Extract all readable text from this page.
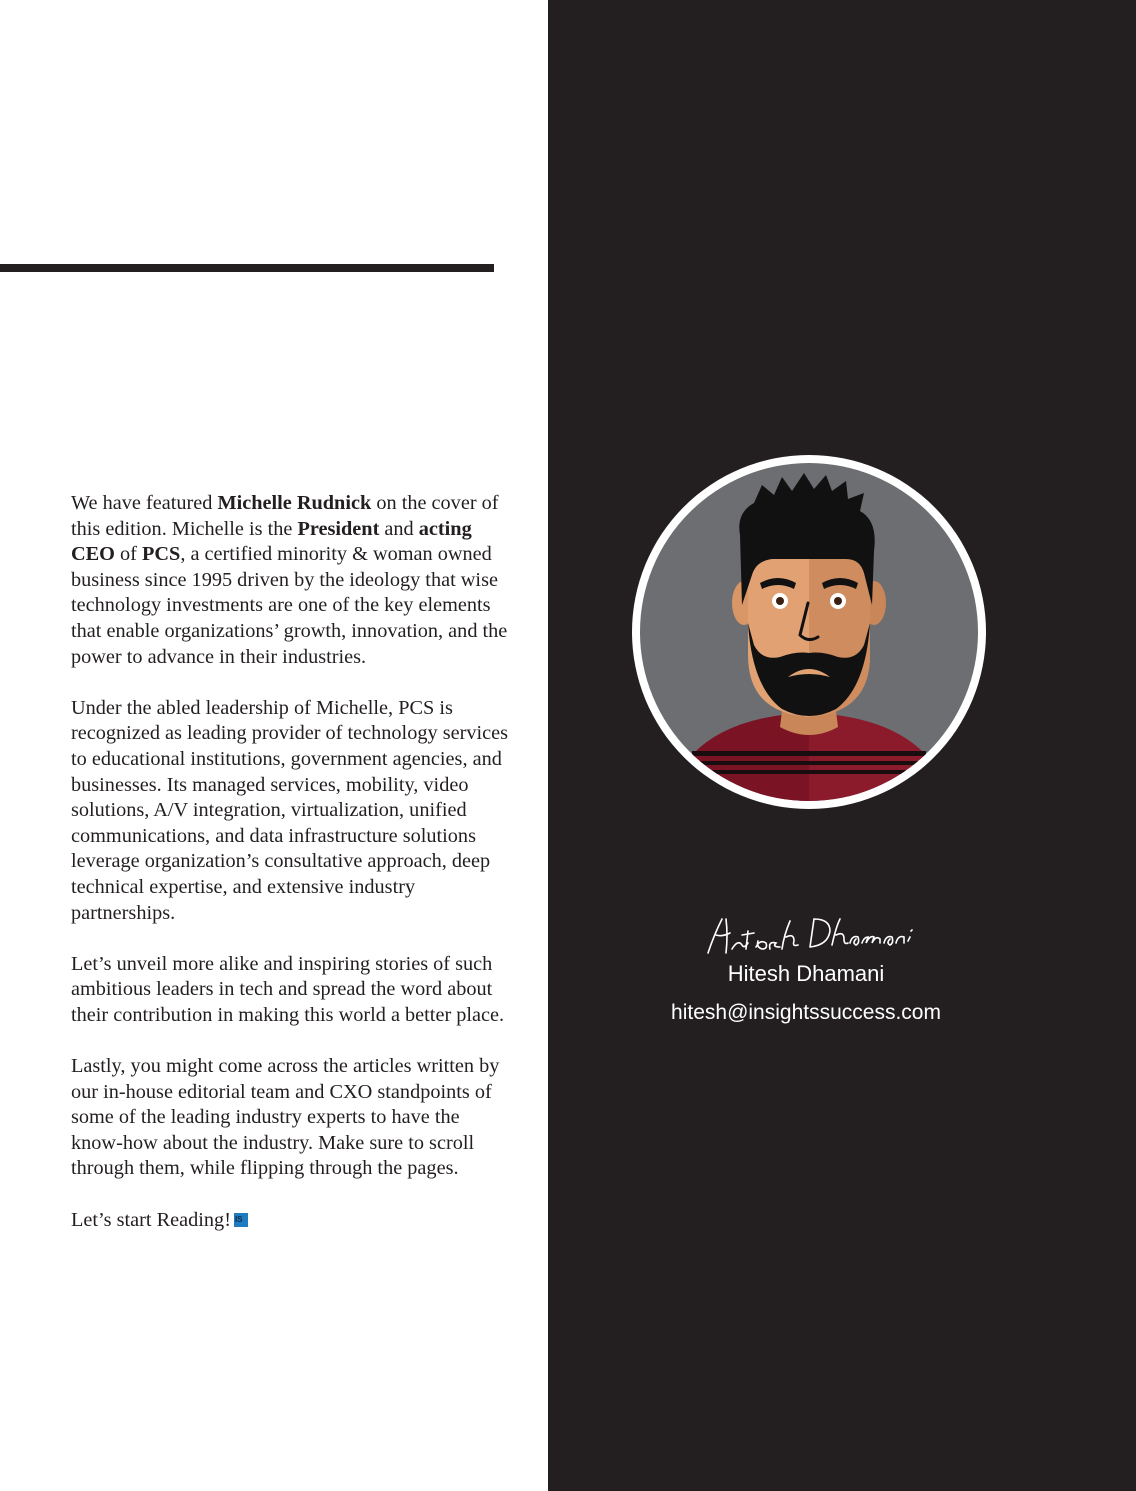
We have featured Michelle Rudnick on the cover of this edition. Michelle is the President and acting CEO of PCS, a certified minority & woman owned business since 1995 driven by the ideology that wise technology investments are one of the key elements that enable organizations’ growth, innovation, and the power to advance in their industries.

Under the abled leadership of Michelle, PCS is recognized as leading provider of technology services to educational institutions, government agencies, and businesses. Its managed services, mobility, video solutions, A/V integration, virtualization, unified communications, and data infrastructure solutions leverage organization’s consultative approach, deep technical expertise, and extensive industry partnerships.

Let’s unveil more alike and inspiring stories of such ambitious leaders in tech and spread the word about their contribution in making this world a better place.

Lastly, you might come across the articles written by our in-house editorial team and CXO standpoints of some of the leading industry experts to have the know-how about the industry. Make sure to scroll through them, while flipping through the pages.

Let’s start Reading! IS

Hitesh Dhamani
hitesh@insightssuccess.com
